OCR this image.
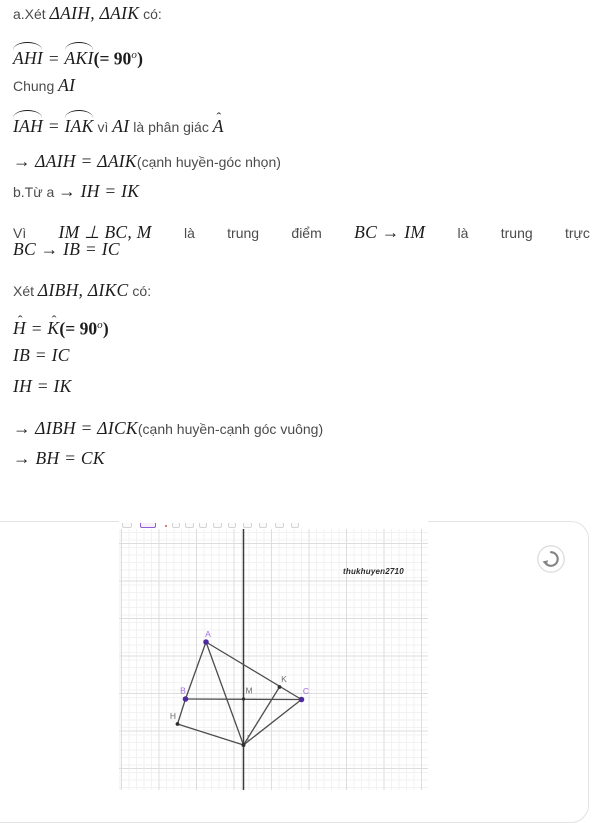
a.Xét ΔAIH, ΔAIK có:
AHI = $AKI(= 90^o)$
Chung AI
IAH = IAK vì AI là phân giác ˆ A
→ ΔAIH = ΔAIK(cạnh huyền-góc nhọn)
b.Từ a → IH = IK
Vì IM ⊥ BC, M là trung điểm BC → IM là trung trực
BC → IB = IC
Xét ΔIBH, ΔIKC có:
ˆ H = ˆ $K(= 90^o)$
IB = IC
IH = IK
→ ΔIBH = ΔICK(cạnh huyền-cạnh góc vuông)
→ BH = CK
A
B	M
K
C
H
I
thukhuyen2710
